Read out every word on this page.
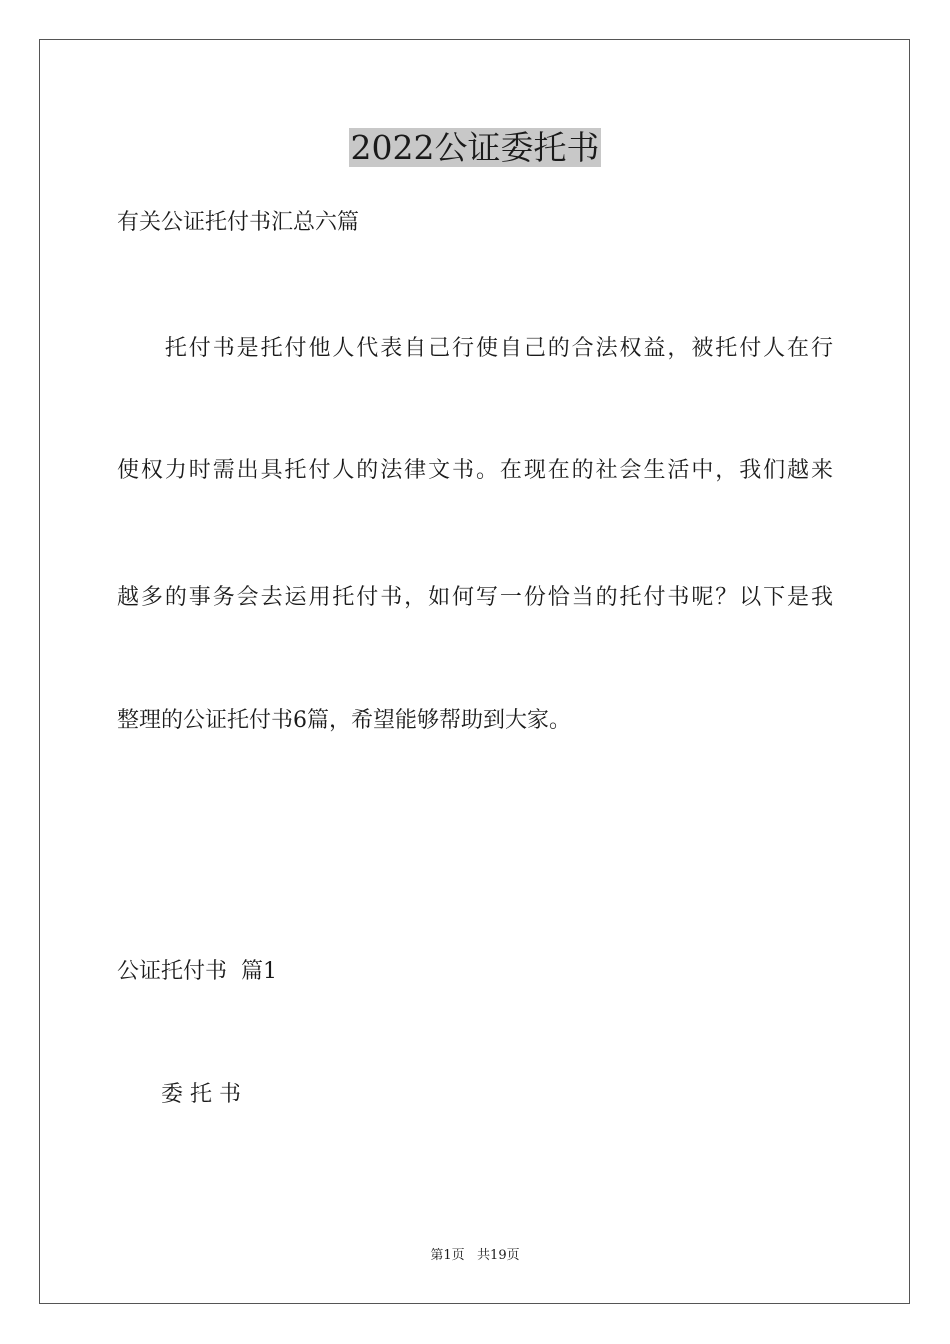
2022公证委托书
有关公证托付书汇总六篇
　　托付书是托付他人代表自己行使自己的合法权益，被托付人在行
使权力时需出具托付人的法律文书。在现在的社会生活中，我们越来
越多的事务会去运用托付书，如何写一份恰当的托付书呢？以下是我
整理的公证托付书6篇，希望能够帮助到大家。
公证托付书  篇1
　　委 托 书
第1页   共19页
